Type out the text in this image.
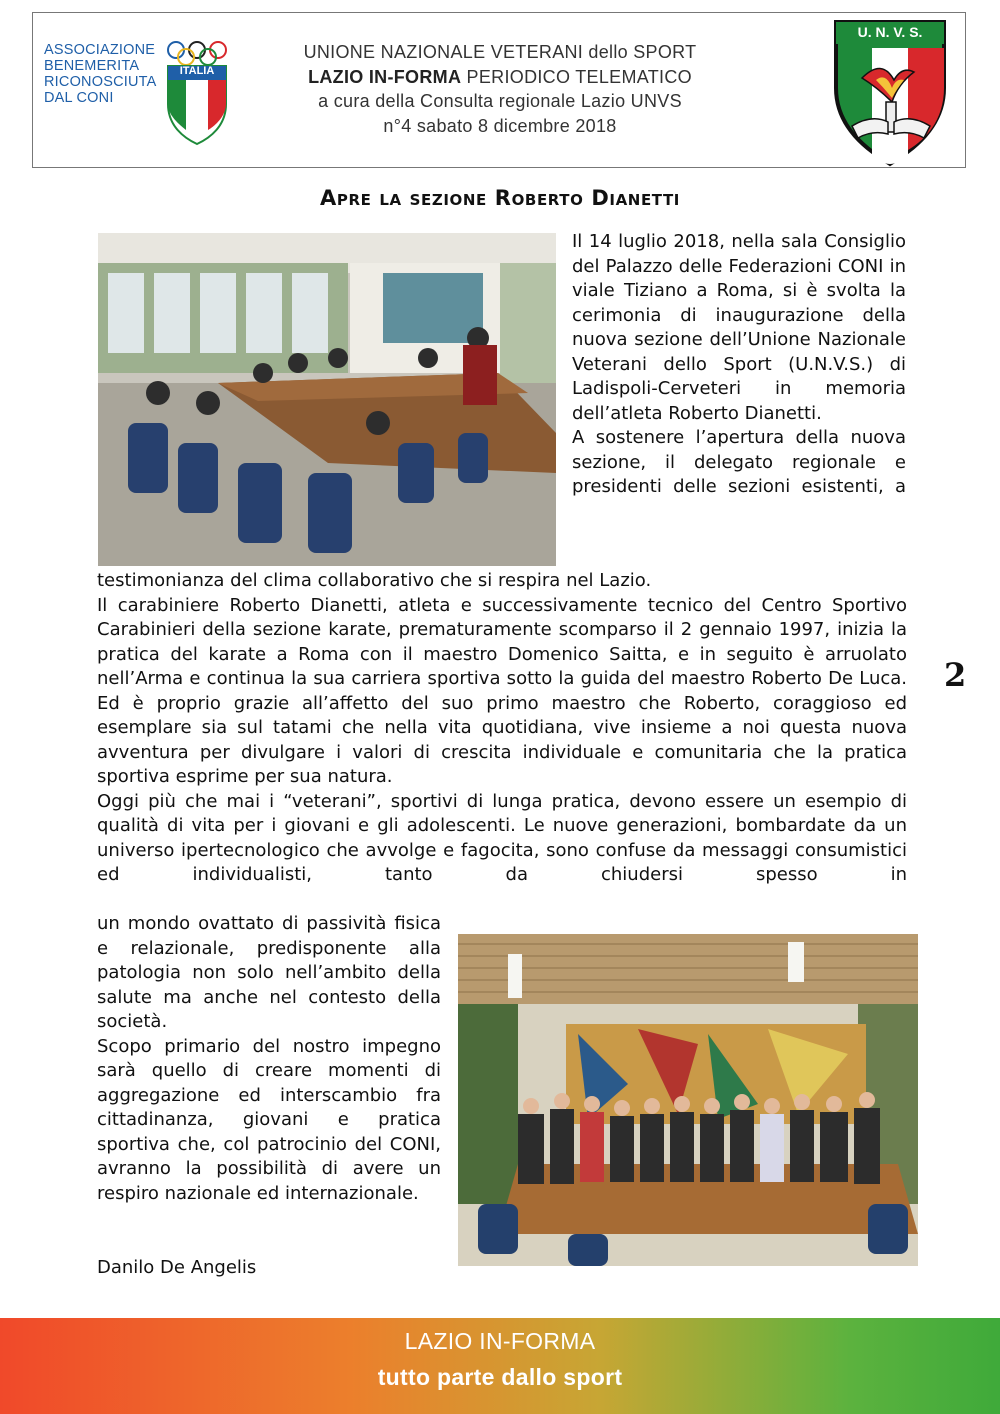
ASSOCIAZIONE
BENEMERITA
RICONOSCIUTA
DAL CONI
ITALIA
UNIONE NAZIONALE VETERANI dello SPORT
LAZIO IN-FORMA PERIODICO TELEMATICO
a cura della Consulta regionale Lazio UNVS
n°4 sabato 8 dicembre 2018
U. N. V. S.
Apre la sezione Roberto Dianetti

Il 14 luglio 2018, nella sala Consiglio del Palazzo delle Federazioni CONI in viale Tiziano a Roma, si è svolta la cerimonia di inaugurazione della nuova sezione dell’Unione Nazionale Veterani dello Sport (U.N.V.S.) di Ladispoli-Cerveteri in memoria dell’atleta Roberto Dianetti.

A sostenere l’apertura della nuova sezione, il delegato regionale e presidenti delle sezioni esistenti, a

testimonianza del clima collaborativo che si respira nel Lazio.

Il carabiniere Roberto Dianetti, atleta e successivamente tecnico del Centro Sportivo Carabinieri della sezione karate, prematuramente scomparso il 2 gennaio 1997, inizia la pratica del karate a Roma con il maestro Domenico Saitta, e in seguito è arruolato nell’Arma e continua la sua carriera sportiva sotto la guida del maestro Roberto De Luca. Ed è proprio grazie all’affetto del suo primo maestro che Roberto, coraggioso ed esemplare sia sul tatami che nella vita quotidiana, vive insieme a noi questa nuova avventura per divulgare i valori di crescita individuale e comunitaria che la pratica sportiva esprime per sua natura.

Oggi più che mai i “veterani”, sportivi di lunga pratica, devono essere un esempio di qualità di vita per i giovani e gli adolescenti. Le nuove generazioni, bombardate da un universo ipertecnologico che avvolge e fagocita, sono confuse da messaggi consumistici ed individualisti, tanto da chiudersi spesso in

2

un mondo ovattato di passività fisica e relazionale, predisponente alla patologia non solo nell’ambito della salute ma anche nel contesto della società.

Scopo primario del nostro impegno sarà quello di creare momenti di aggregazione ed interscambio fra cittadinanza, giovani e pratica sportiva che, col patrocinio del CONI, avranno la possibilità di avere un respiro nazionale ed internazionale.

Danilo De Angelis
LAZIO IN-FORMA
tutto parte dallo sport
